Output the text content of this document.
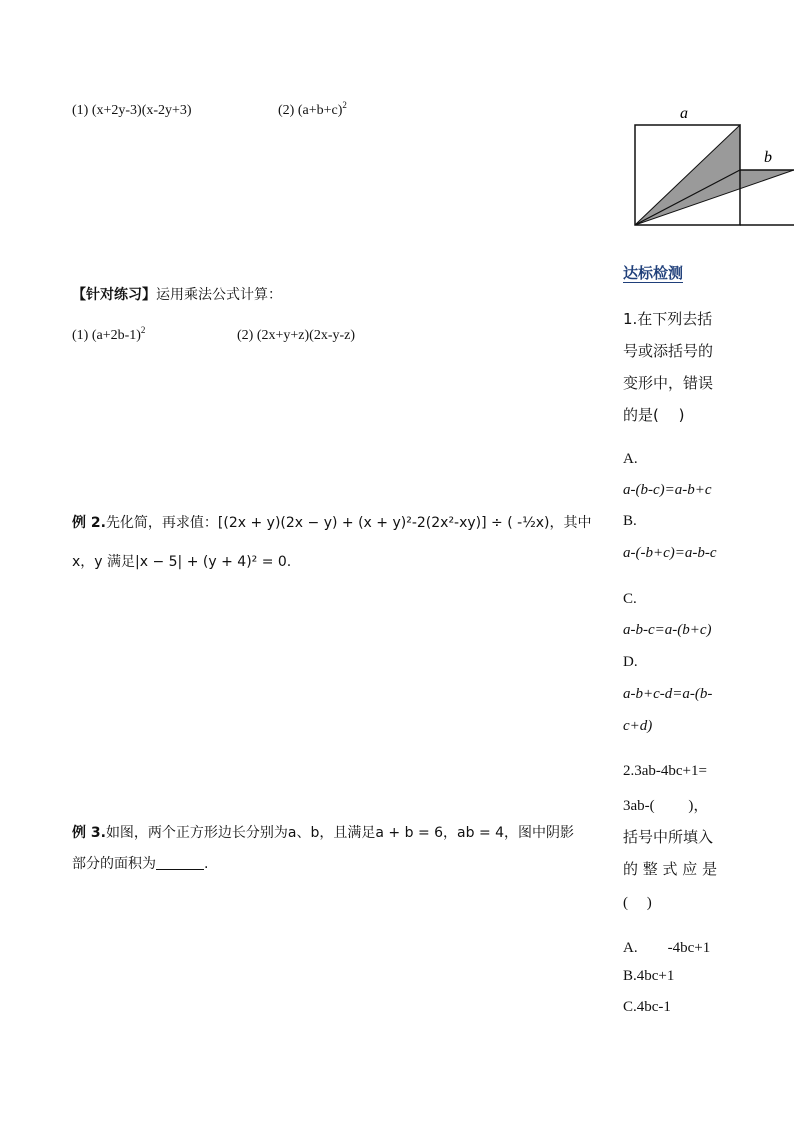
(1) (x+2y-3)(x-2y+3)	(2) $(a+b+c)^2$	a
b
【针对练习】运用乘法公式计算：
(1) $(a+2b-1)^2$	(2) (2x+y+z)(2x-y-z)
例 2.先化简，再求值：[(2x + y)(2x − y) + (x + y)²-2(2x²-xy)] ÷ ( -½x)，其中
x，y 满足|x − 5| + (y + 4)² = 0.
例 3.如图，两个正方形边长分别为a、b，且满足a + b = 6，ab = 4，图中阴影
部分的面积为	.
达标检测
1.在下列去括
号或添括号的
变形中，错误
的是(　 )
A.
a-(b-c)=a-b+c
B.
a-(-b+c)=a-b-c
C.
a-b-c=a-(b+c)
D.
a-b+c-d=a-(b-
c+d)
2.3ab-4bc+1=
3ab-(　　 )，
括号中所填入
的 整 式 应 是
(　 )
A.　　-4bc+1
B.4bc+1
C.4bc-1
